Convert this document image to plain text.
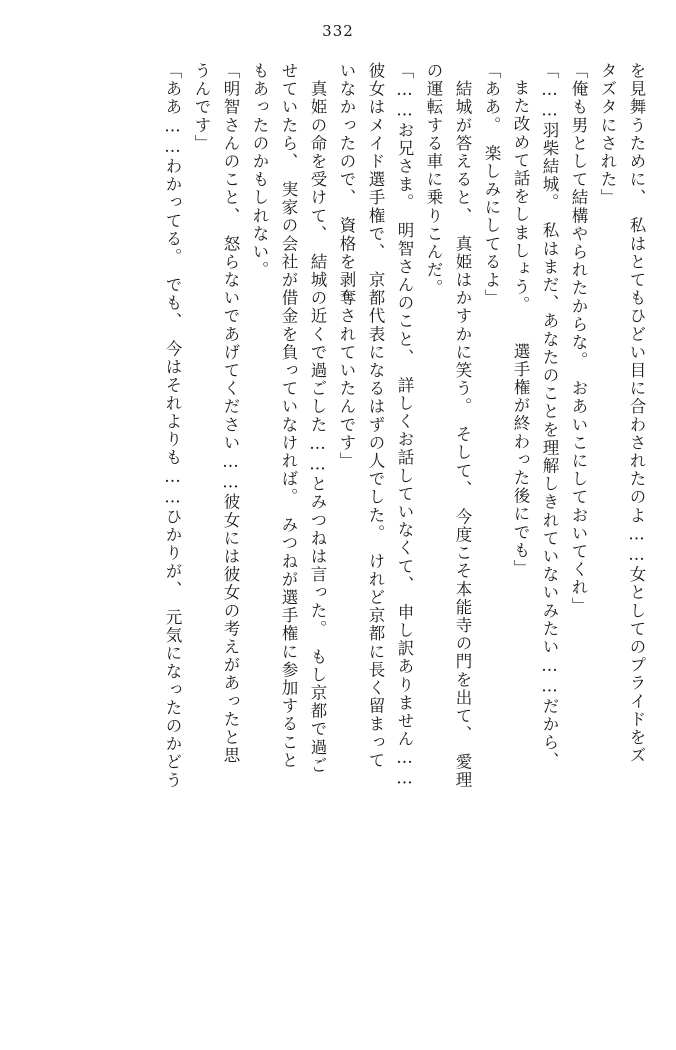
332
を見舞うために、　私はとてもひどい目に合わされたのよ……女としてのプライドをズ
タズタにされた」
「俺も男として結構やられたからな。　おあいこにしておいてくれ」
「……羽柴結城。　私はまだ、あなたのことを理解しきれていないみたい……だから、
また改めて話をしましょう。　　選手権が終わった後にでも」
「ああ。　楽しみにしてるよ」
　結城が答えると、　真姫はかすかに笑う。　そして、　今度こそ本能寺の門を出て、　愛理
の運転する車に乗りこんだ。
「……お兄さま。　明智さんのこと、　詳しくお話していなくて、　申し訳ありません……
彼女はメイド選手権で、　京都代表になるはずの人でした。　けれど京都に長く留まって
いなかったので、　資格を剥奪されていたんです」
　真姫の命を受けて、　結城の近くで過ごした……とみつねは言った。　もし京都で過ご
せていたら、　実家の会社が借金を負っていなければ。　みつねが選手権に参加すること
もあったのかもしれない。
「明智さんのこと、　怒らないであげてください……彼女には彼女の考えがあったと思
うんです」
「ああ……わかってる。　でも、　今はそれよりも……ひかりが、　元気になったのかどう
